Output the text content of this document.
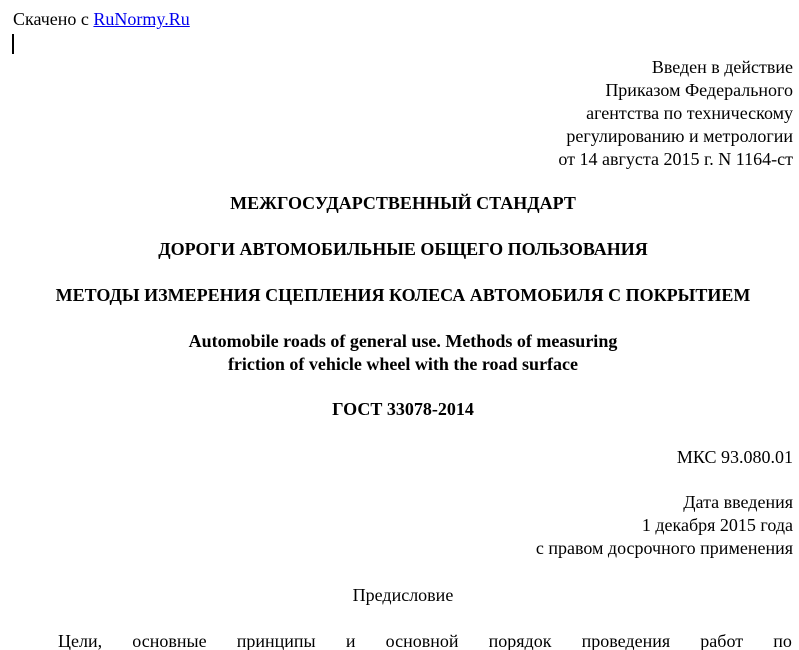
Скачено с RuNormy.Ru
Введен в действие
Приказом Федерального
агентства по техническому
регулированию и метрологии
от 14 августа 2015 г. N 1164-ст
МЕЖГОСУДАРСТВЕННЫЙ СТАНДАРТ
ДОРОГИ АВТОМОБИЛЬНЫЕ ОБЩЕГО ПОЛЬЗОВАНИЯ
МЕТОДЫ ИЗМЕРЕНИЯ СЦЕПЛЕНИЯ КОЛЕСА АВТОМОБИЛЯ С ПОКРЫТИЕМ
Automobile roads of general use. Methods of measuring
friction of vehicle wheel with the road surface
ГОСТ 33078-2014
МКС 93.080.01
Дата введения
1 декабря 2015 года
с правом досрочного применения
Предисловие
Цели, основные принципы и основной порядок проведения работ по
